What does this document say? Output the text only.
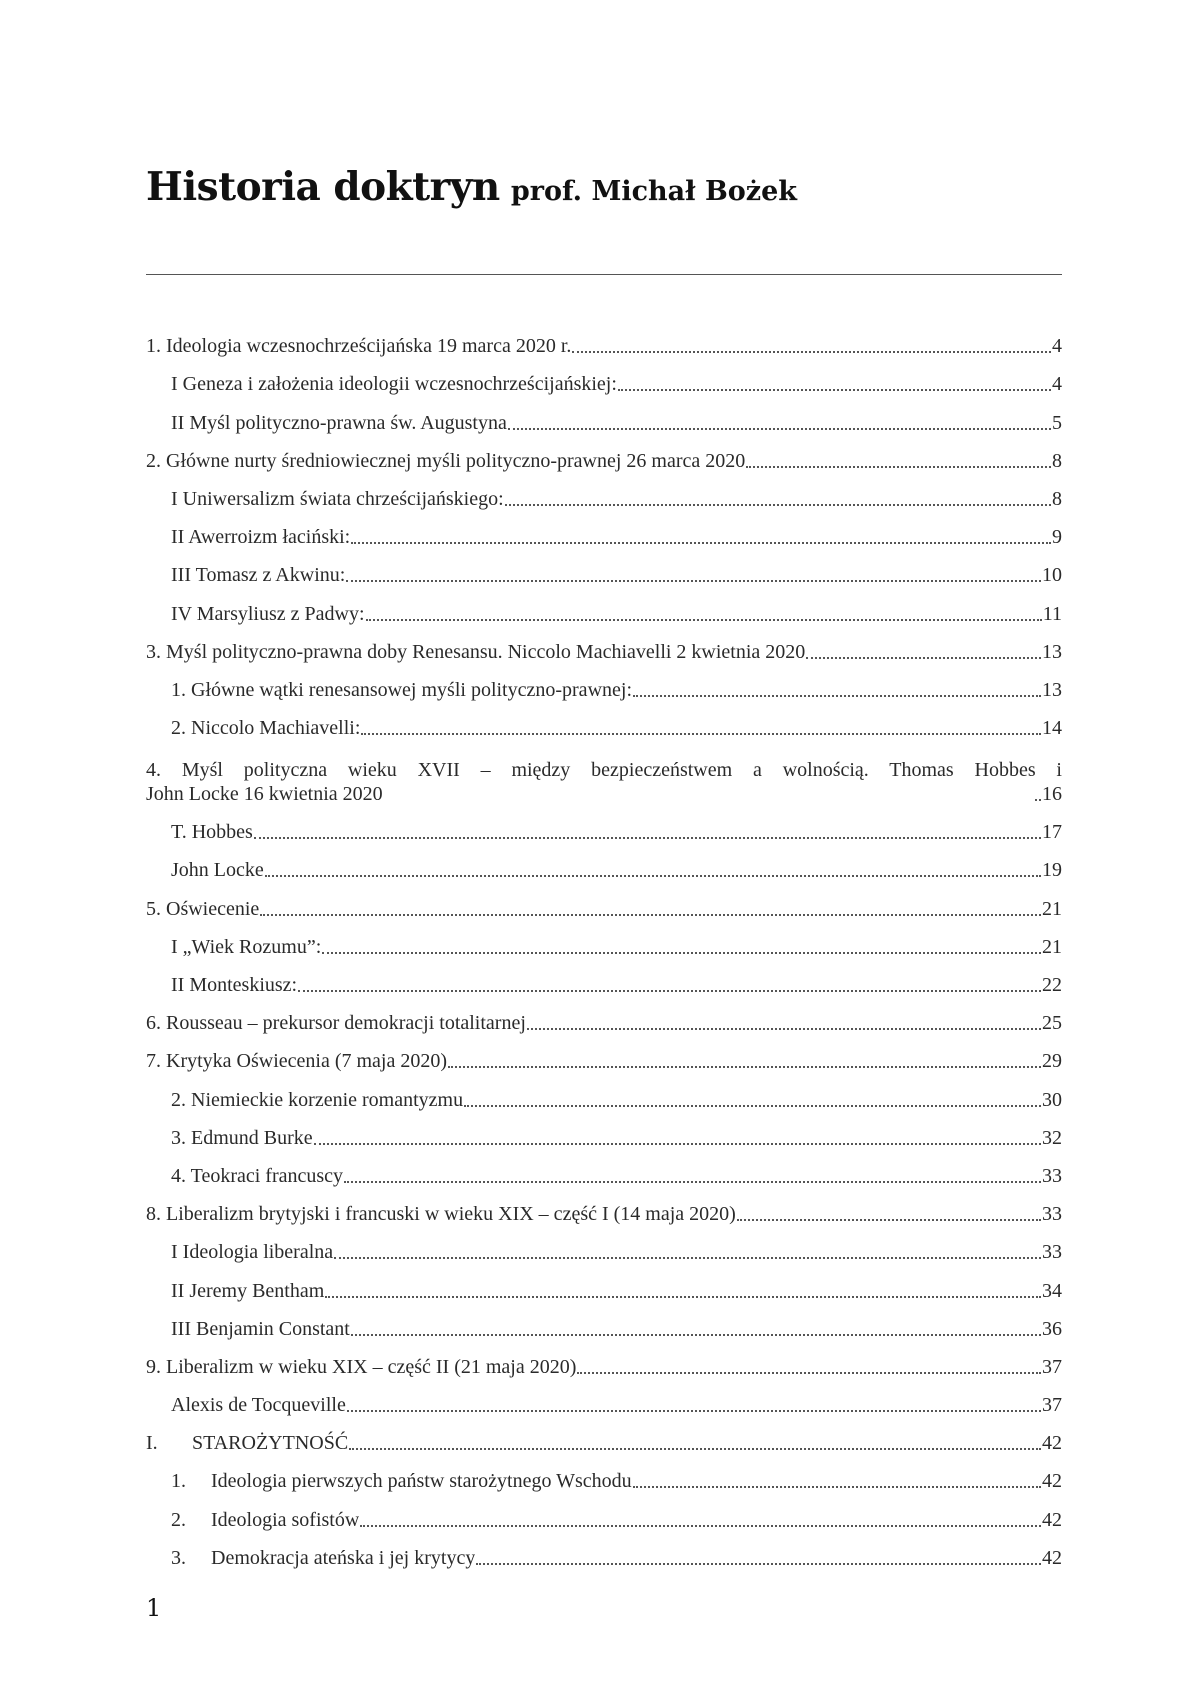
Historia doktryn prof. Michał Bożek
1. Ideologia wczesnochrześcijańska 19 marca 2020 r.	4
I Geneza i założenia ideologii wczesnochrześcijańskiej:	4
II Myśl polityczno-prawna św. Augustyna	5
2. Główne nurty średniowiecznej myśli polityczno-prawnej 26 marca 2020	8
I Uniwersalizm świata chrześcijańskiego:	8
II Awerroizm łaciński:	9
III Tomasz z Akwinu:	10
IV Marsyliusz z Padwy:	11
3. Myśl polityczno-prawna doby Renesansu. Niccolo Machiavelli 2 kwietnia 2020	13
1. Główne wątki renesansowej myśli polityczno-prawnej:	13
2. Niccolo Machiavelli:	14
4. Myśl polityczna wieku XVII – między bezpieczeństwem a wolnością. Thomas Hobbes i
John Locke 16 kwietnia 2020	16
T. Hobbes	17
John Locke	19
5. Oświecenie	21
I „Wiek Rozumu”:	21
II Monteskiusz:	22
6. Rousseau – prekursor demokracji totalitarnej	25
7. Krytyka Oświecenia (7 maja 2020)	29
2. Niemieckie korzenie romantyzmu	30
3. Edmund Burke	32
4. Teokraci francuscy	33
8. Liberalizm brytyjski i francuski w wieku XIX – część I (14 maja 2020)	33
I Ideologia liberalna	33
II Jeremy Bentham	34
III Benjamin Constant	36
9. Liberalizm w wieku XIX – część II (21 maja 2020)	37
Alexis de Tocqueville	37
I. STAROŻYTNOŚĆ	42
1. Ideologia pierwszych państw starożytnego Wschodu	42
2. Ideologia sofistów	42
3. Demokracja ateńska i jej krytycy	42
1
